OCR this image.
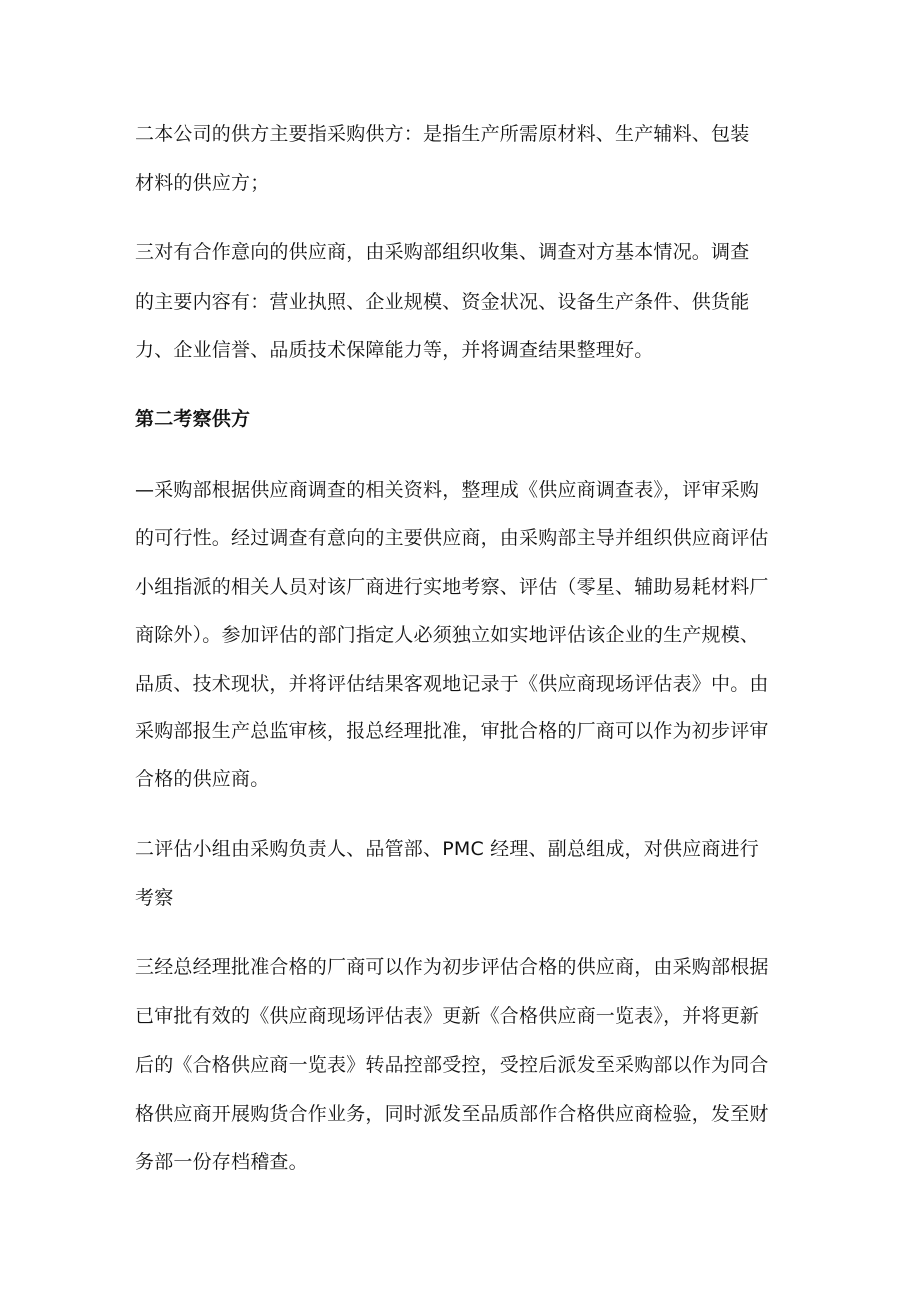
二本公司的供方主要指采购供方：是指生产所需原材料、生产辅料、包装
材料的供应方；
三对有合作意向的供应商，由采购部组织收集、调查对方基本情况。调查
的主要内容有：营业执照、企业规模、资金状况、设备生产条件、供货能
力、企业信誉、品质技术保障能力等，并将调查结果整理好。
第二考察供方
—采购部根据供应商调查的相关资料，整理成《供应商调查表》，评审采购
的可行性。经过调查有意向的主要供应商，由采购部主导并组织供应商评估
小组指派的相关人员对该厂商进行实地考察、评估（零星、辅助易耗材料厂
商除外）。参加评估的部门指定人必须独立如实地评估该企业的生产规模、
品质、技术现状，并将评估结果客观地记录于《供应商现场评估表》中。由
采购部报生产总监审核，报总经理批准，审批合格的厂商可以作为初步评审
合格的供应商。
二评估小组由采购负责人、品管部、PMC 经理、副总组成，对供应商进行
考察
三经总经理批准合格的厂商可以作为初步评估合格的供应商，由采购部根据
已审批有效的《供应商现场评估表》更新《合格供应商一览表》，并将更新
后的《合格供应商一览表》转品控部受控，受控后派发至采购部以作为同合
格供应商开展购货合作业务，同时派发至品质部作合格供应商检验，发至财
务部一份存档稽查。
